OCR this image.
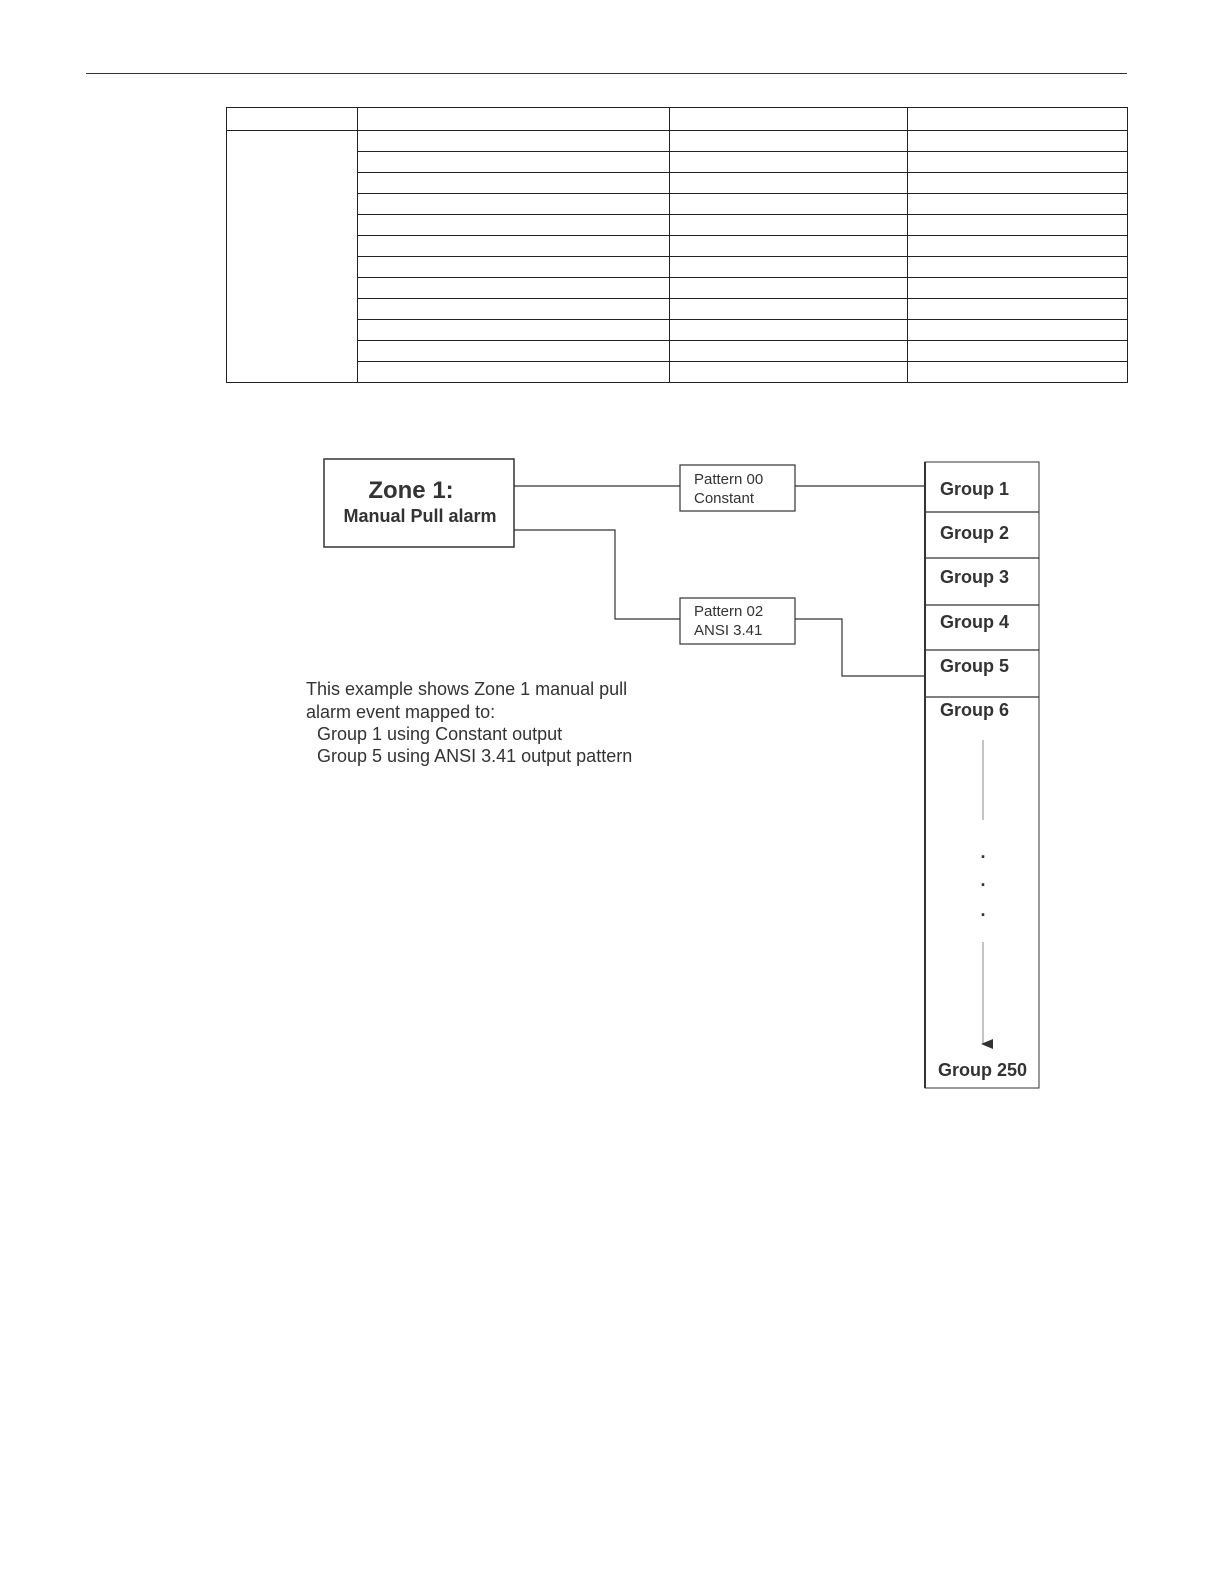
Zone 1:
Manual Pull alarm
Pattern 00
Constant
Pattern 02
ANSI 3.41
Group 1
Group 2
Group 3
Group 4
Group 5
Group 6
.
.
.
Group 250
This example shows Zone 1 manual pull
alarm event mapped to:
Group 1 using Constant output
Group 5 using ANSI 3.41 output pattern
